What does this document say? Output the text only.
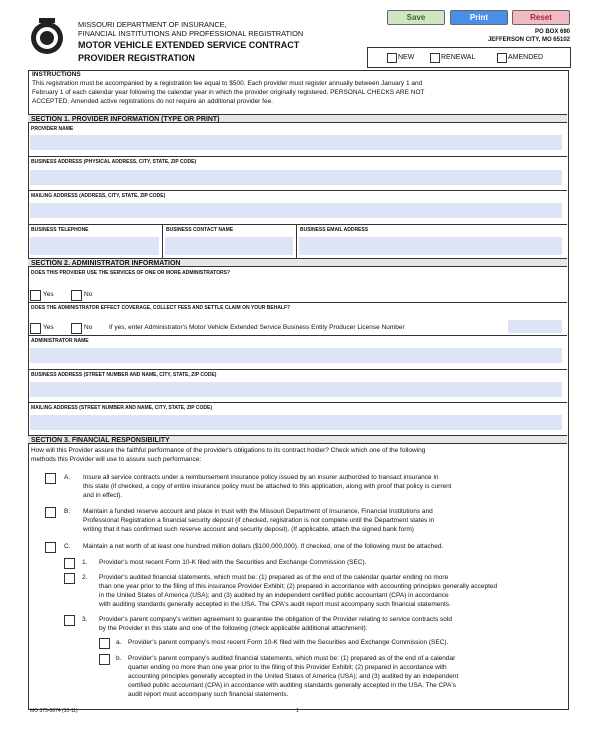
MISSOURI DEPARTMENT OF INSURANCE,
FINANCIAL INSTITUTIONS AND PROFESSIONAL REGISTRATION
MOTOR VEHICLE EXTENDED SERVICE CONTRACT
PROVIDER REGISTRATION
Save	Print	Reset
PO BOX 690
JEFFERSON CITY, MO 65102
NEW	RENEWAL	AMENDED
INSTRUCTIONS
This registration must be accompanied by a registration fee equal to $500. Each provider must register annually between January 1 and
February 1 of each calendar year following the calendar year in which the provider originally registered. PERSONAL CHECKS ARE NOT
ACCEPTED. Amended active registrations do not require an additional provider fee.
SECTION 1. PROVIDER INFORMATION (TYPE OR PRINT)
PROVIDER NAME
BUSINESS ADDRESS (PHYSICAL ADDRESS, CITY, STATE, ZIP CODE)
MAILING ADDRESS (ADDRESS, CITY, STATE, ZIP CODE)
BUSINESS TELEPHONE	BUSINESS CONTACT NAME	BUSINESS EMAIL ADDRESS
SECTION 2. ADMINISTRATOR INFORMATION
DOES THIS PROVIDER USE THE SERVICES OF ONE OR MORE ADMINISTRATORS?
Yes	No
DOES THE ADMINISTRATOR EFFECT COVERAGE, COLLECT FEES AND SETTLE CLAIM ON YOUR BEHALF?
Yes	No	If yes, enter Administrator's Motor Vehicle Extended Service Business Entity Producer License Number
ADMINISTRATOR NAME
BUSINESS ADDRESS (STREET NUMBER AND NAME, CITY, STATE, ZIP CODE)
MAILING ADDRESS (STREET NUMBER AND NAME, CITY, STATE, ZIP CODE)
SECTION 3. FINANCIAL RESPONSIBILITY
How will this Provider assure the faithful performance of the provider's obligations to its contract holder? Check which one of the following
methods this Provider will use to assure such performance:
A. Insure all service contracts under a reimbursement insurance policy issued by an insurer authorized to transact insurance in
this state (if checked, a copy of entire insurance policy must be attached to this application, along with proof that policy is current
and in effect).
B. Maintain a funded reserve account and place in trust with the Missouri Department of Insurance, Financial Institutions and
Professional Registration a financial security deposit (if checked, registration is not complete until the Department states in
writing that it has confirmed such reserve account and security deposit). (If applicable, attach the signed bank form)
C. Maintain a net worth of at least one hundred million dollars ($100,000,000). If checked, one of the following must be attached.
1. Provider's most recent Form 10-K filed with the Securities and Exchange Commission (SEC).
2. Provider's audited financial statements, which must be: (1) prepared as of the end of the calendar quarter ending no more
than one year prior to the filing of this insurance Provider Exhibit; (2) prepared in accordance with accounting principles generally accepted
in the United States of America (USA); and (3) audited by an independent certified public accountant (CPA) in accordance
with auditing standards generally accepted in the USA. The CPA's audit report must accompany such financial statements.
3. Provider's parent company's written agreement to guarantee the obligation of the Provider relating to service contracts sold
by the Provider in this state and one of the following (check applicable additional attachment):
a. Provider's parent company's most recent Form 10-K filed with the Securities and Exchange Commission (SEC).
b. Provider's parent company's audited financial statements, which must be: (1) prepared as of the end of a calendar
quarter ending no more than one year prior to the filing of this Provider Exhibit; (2) prepared in accordance with
accounting principles generally accepted in the United States of America (USA); and (3) audited by an independent
certified public accountant (CPA) in accordance with auditing standards generally accepted in the USA. The CPA's
audit report must accompany such financial statements.
MO 375-0674 (10-11)	1
